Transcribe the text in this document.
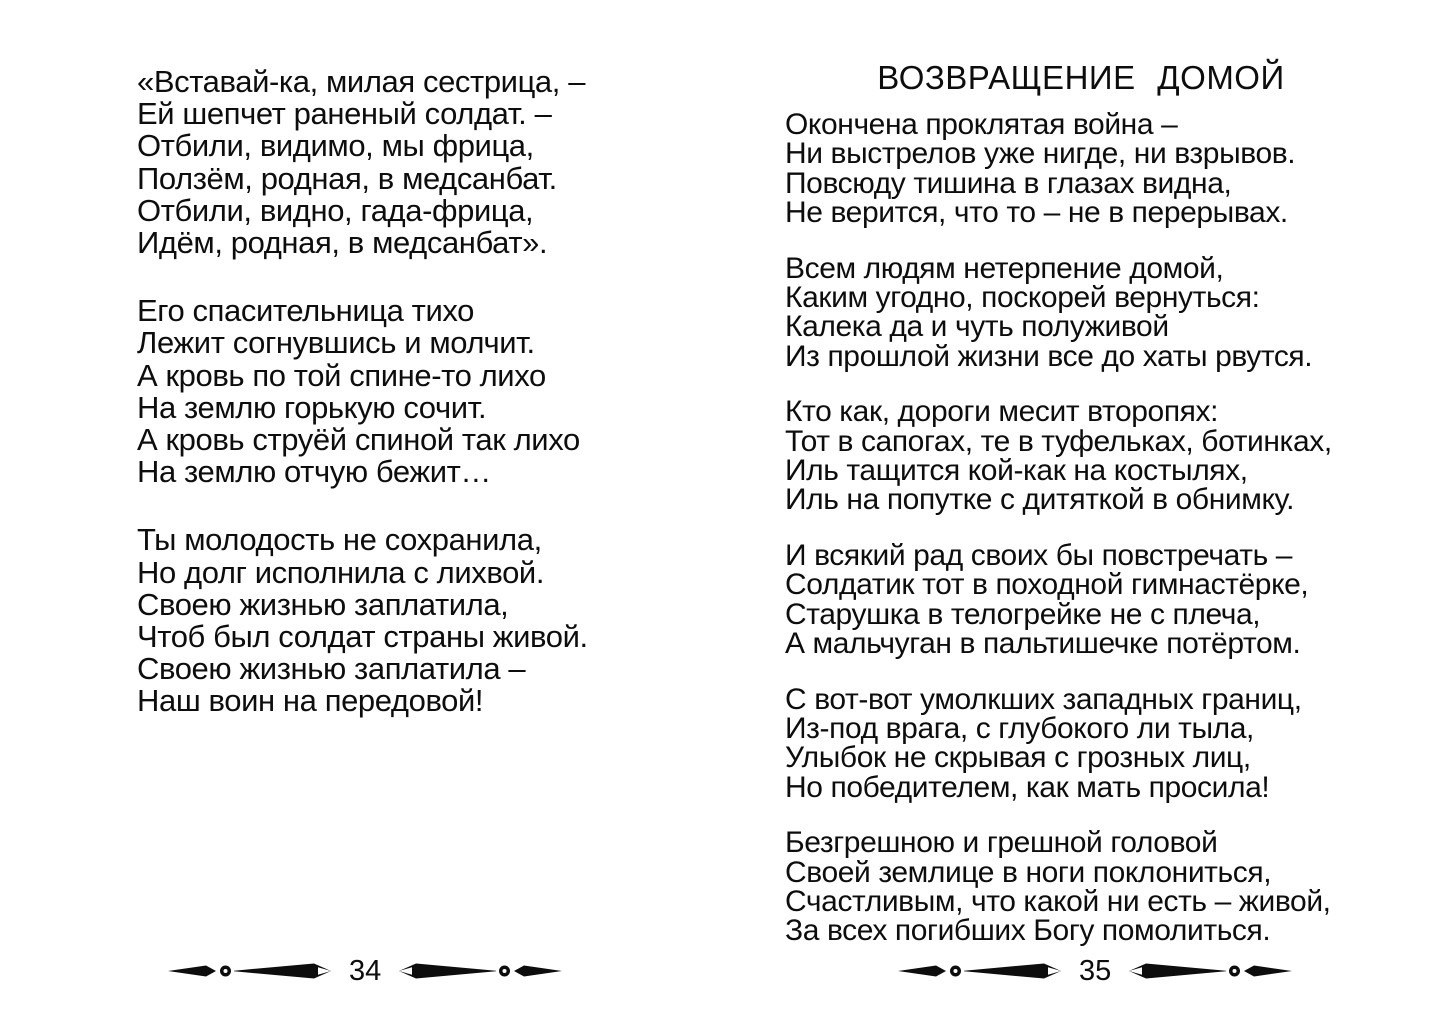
«Вставай-ка, милая сестрица, –
Ей шепчет раненый солдат. –
Отбили, видимо, мы фрица,
Ползём, родная, в медсанбат.
Отбили, видно, гада-фрица,
Идём, родная, в медсанбат».
Его спасительница тихо
Лежит согнувшись и молчит.
А кровь по той спине-то лихо
На землю горькую сочит.
А кровь струёй спиной так лихо
На землю отчую бежит…
Ты молодость не сохранила,
Но долг исполнила с лихвой.
Своею жизнью заплатила,
Чтоб был солдат страны живой.
Своею жизнью заплатила –
Наш воин на передовой!
34
ВОЗВРАЩЕНИЕ ДОМОЙ
Окончена проклятая война –
Ни выстрелов уже нигде, ни взрывов.
Повсюду тишина в глазах видна,
Не верится, что то – не в перерывах.
Всем людям нетерпение домой,
Каким угодно, поскорей вернуться:
Калека да и чуть полуживой
Из прошлой жизни все до хаты рвутся.
Кто как, дороги месит второпях:
Тот в сапогах, те в туфельках, ботинках,
Иль тащится кой-как на костылях,
Иль на попутке с дитяткой в обнимку.
И всякий рад своих бы повстречать –
Солдатик тот в походной гимнастёрке,
Старушка в телогрейке не с плеча,
А мальчуган в пальтишечке потёртом.
С вот-вот умолкших западных границ,
Из-под врага, с глубокого ли тыла,
Улыбок не скрывая с грозных лиц,
Но победителем, как мать просила!
Безгрешною и грешной головой
Своей землице в ноги поклониться,
Счастливым, что какой ни есть – живой,
За всех погибших Богу помолиться.
35
